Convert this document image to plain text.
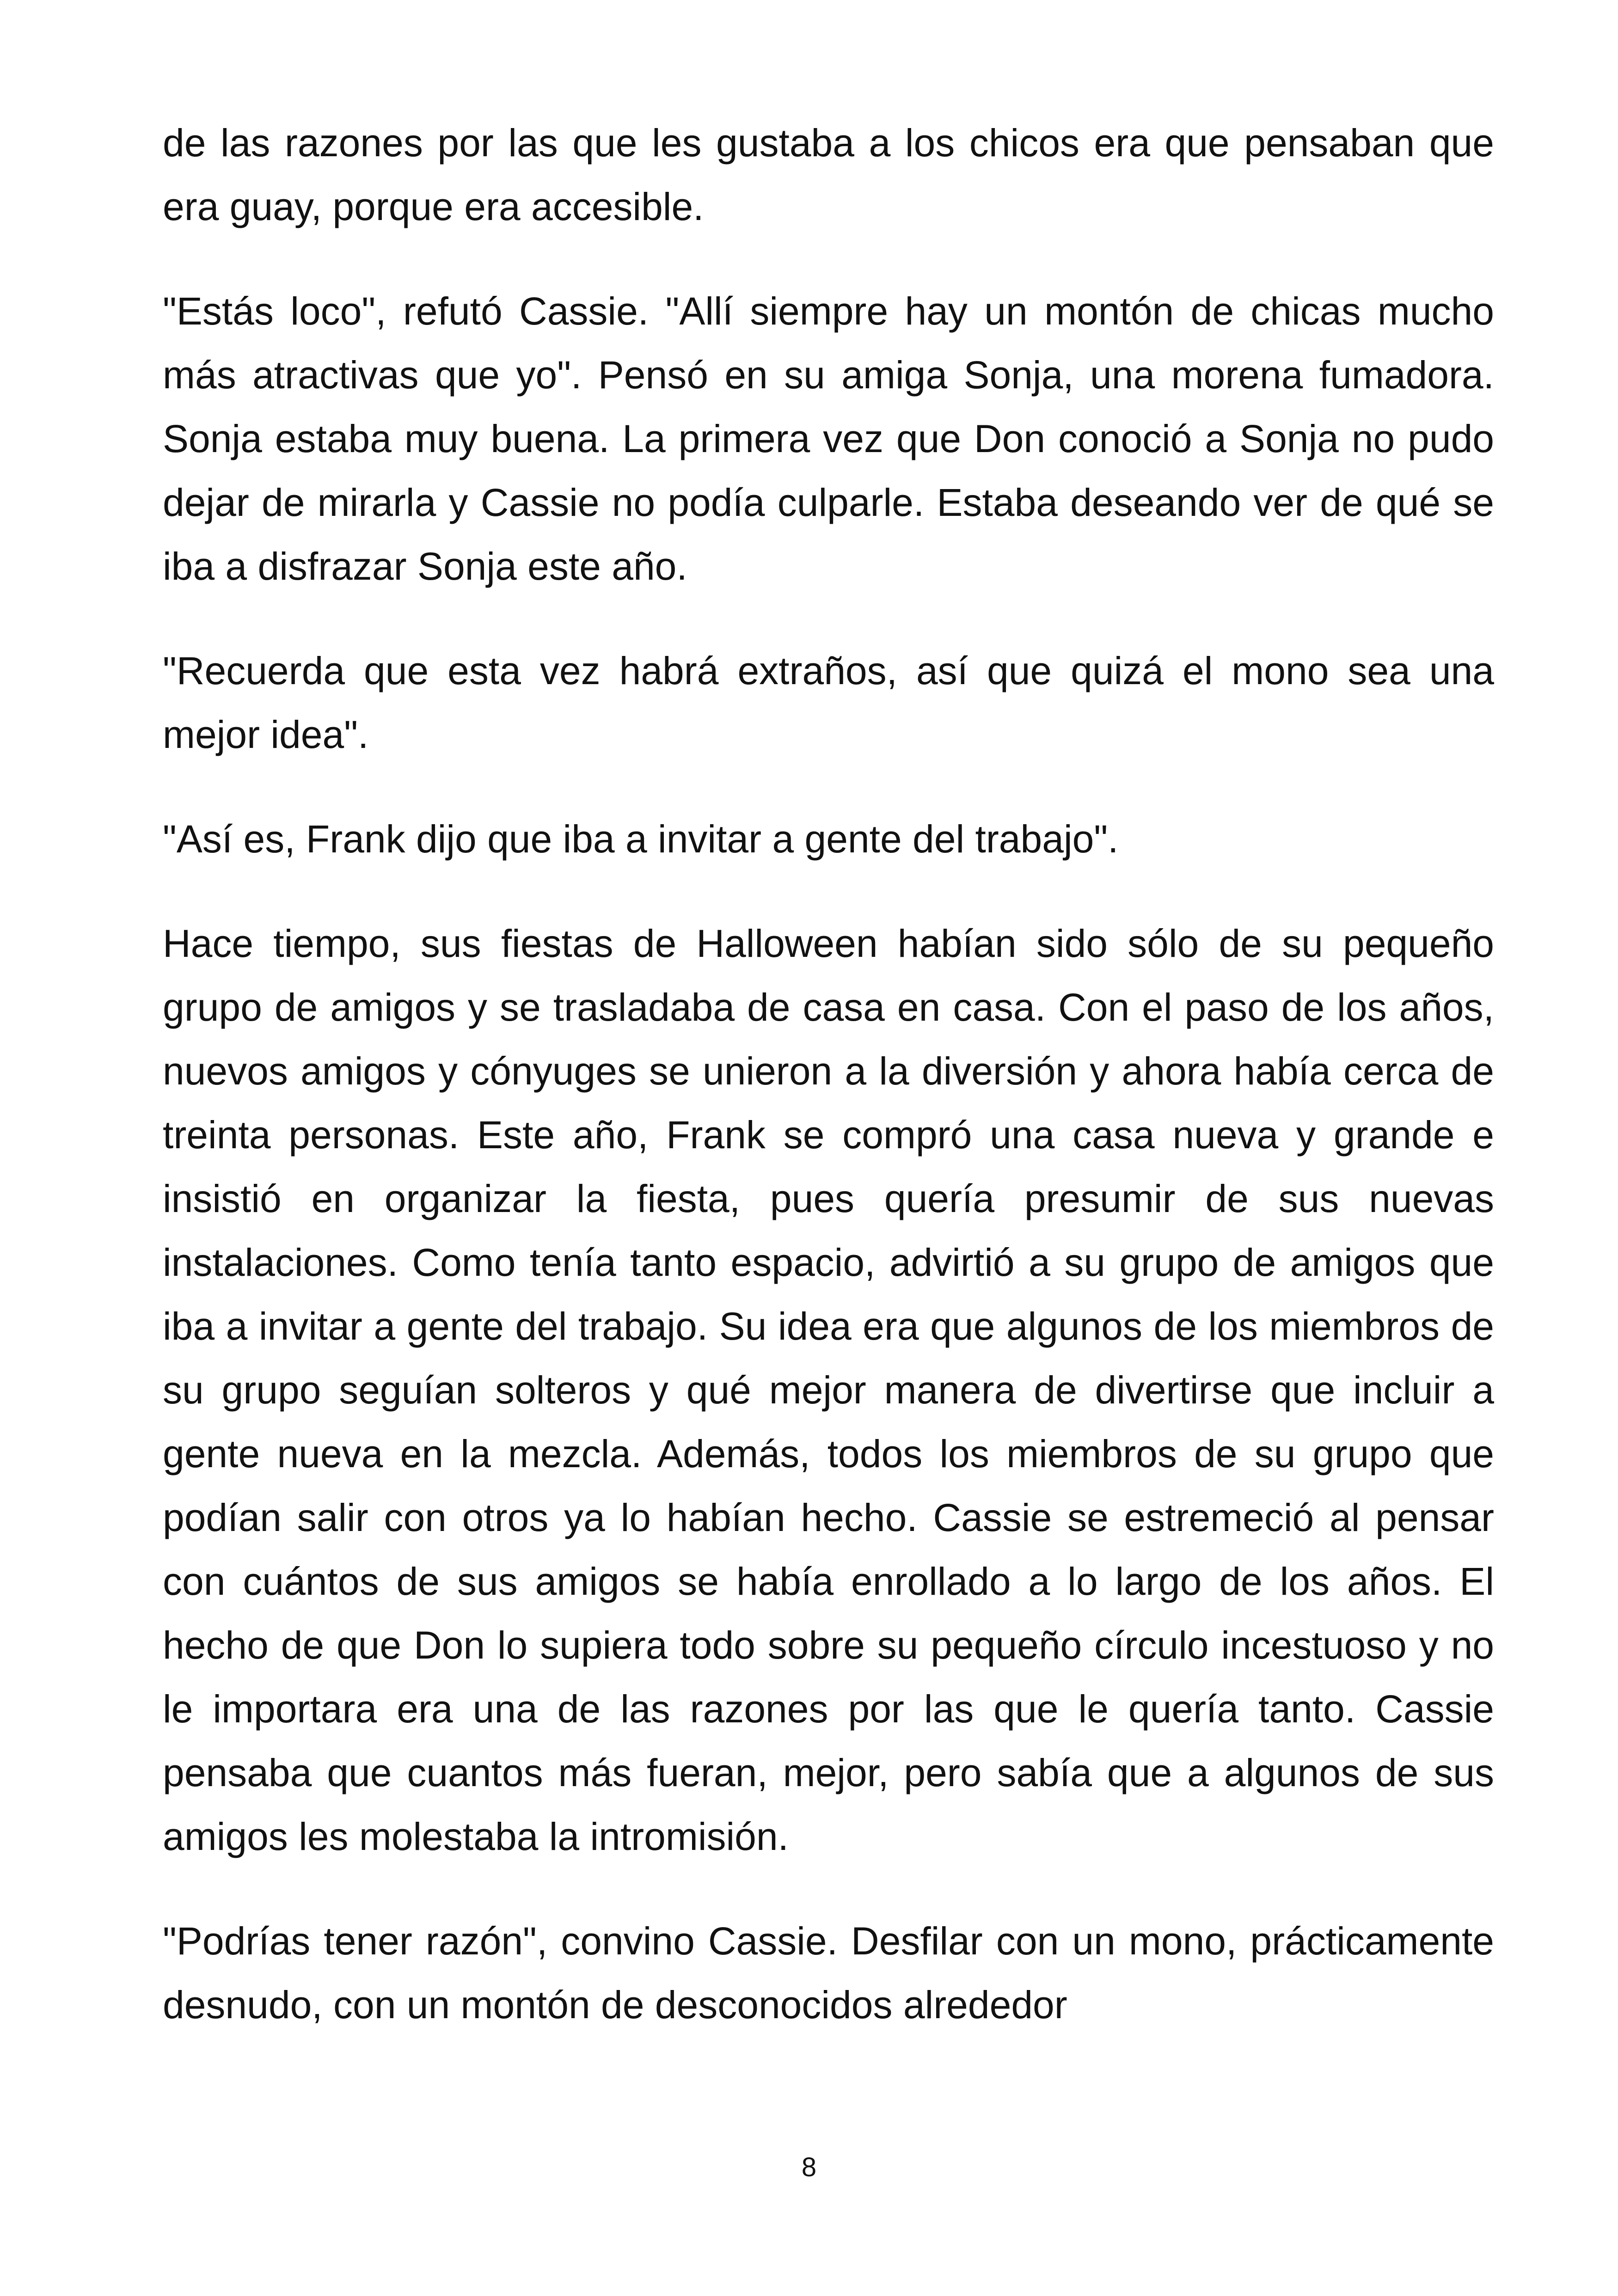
de las razones por las que les gustaba a los chicos era que pensaban que era guay, porque era accesible.

"Estás loco", refutó Cassie. "Allí siempre hay un montón de chicas mucho más atractivas que yo". Pensó en su amiga Sonja, una morena fumadora. Sonja estaba muy buena. La primera vez que Don conoció a Sonja no pudo dejar de mirarla y Cassie no podía culparle. Estaba deseando ver de qué se iba a disfrazar Sonja este año.

"Recuerda que esta vez habrá extraños, así que quizá el mono sea una mejor idea".

"Así es, Frank dijo que iba a invitar a gente del trabajo".

Hace tiempo, sus fiestas de Halloween habían sido sólo de su pequeño grupo de amigos y se trasladaba de casa en casa. Con el paso de los años, nuevos amigos y cónyuges se unieron a la diversión y ahora había cerca de treinta personas. Este año, Frank se compró una casa nueva y grande e insistió en organizar la fiesta, pues quería presumir de sus nuevas instalaciones. Como tenía tanto espacio, advirtió a su grupo de amigos que iba a invitar a gente del trabajo. Su idea era que algunos de los miembros de su grupo seguían solteros y qué mejor manera de divertirse que incluir a gente nueva en la mezcla. Además, todos los miembros de su grupo que podían salir con otros ya lo habían hecho. Cassie se estremeció al pensar con cuántos de sus amigos se había enrollado a lo largo de los años. El hecho de que Don lo supiera todo sobre su pequeño círculo incestuoso y no le importara era una de las razones por las que le quería tanto. Cassie pensaba que cuantos más fueran, mejor, pero sabía que a algunos de sus amigos les molestaba la intromisión.

"Podrías tener razón", convino Cassie. Desfilar con un mono, prácticamente desnudo, con un montón de desconocidos alrededor

8
